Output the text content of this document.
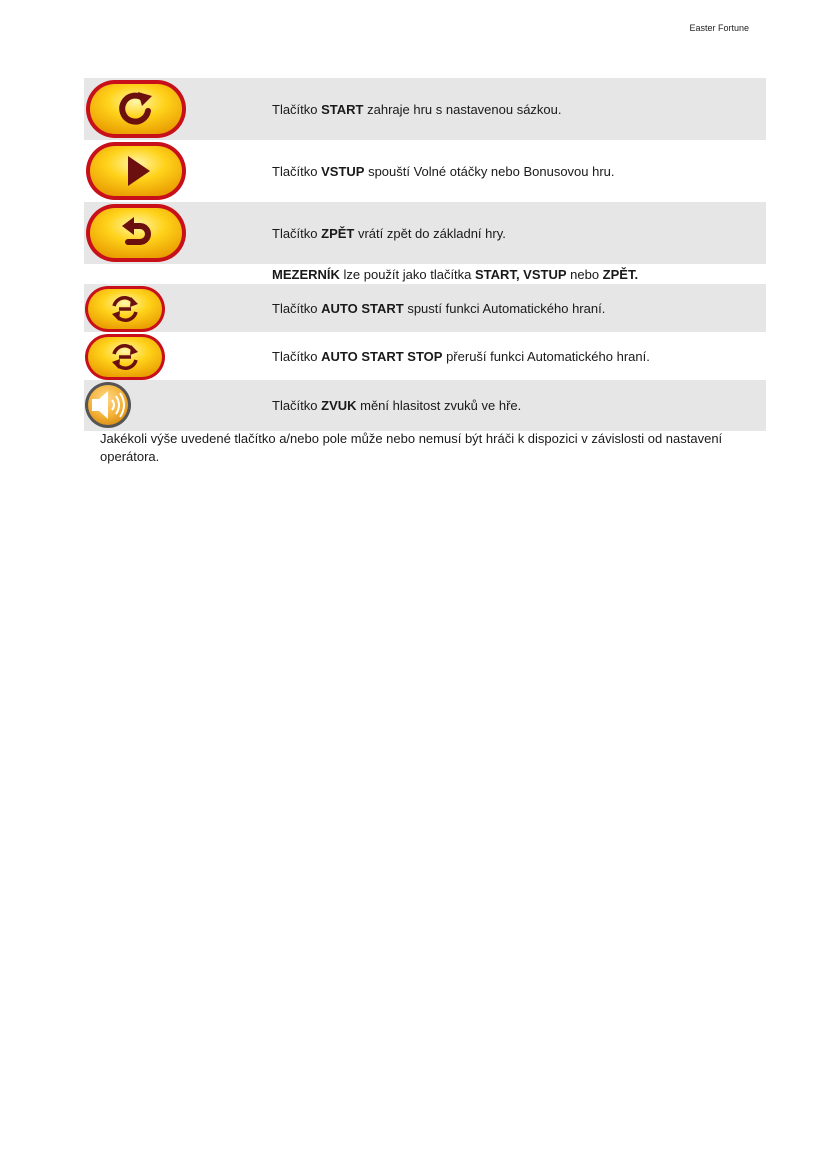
Easter Fortune
Tlačítko START zahraje hru s nastavenou sázkou.
Tlačítko VSTUP spouští Volné otáčky nebo Bonusovou hru.
Tlačítko ZPĚT vrátí zpět do základní hry.
MEZERNÍK lze použít jako tlačítka START, VSTUP nebo ZPĚT.
Tlačítko AUTO START spustí funkci Automatického hraní.
Tlačítko AUTO START STOP přeruší funkci Automatického hraní.
Tlačítko ZVUK mění hlasitost zvuků ve hře.
Jakékoli výše uvedené tlačítko a/nebo pole může nebo nemusí být hráči k dispozici v závislosti od nastavení operátora.
